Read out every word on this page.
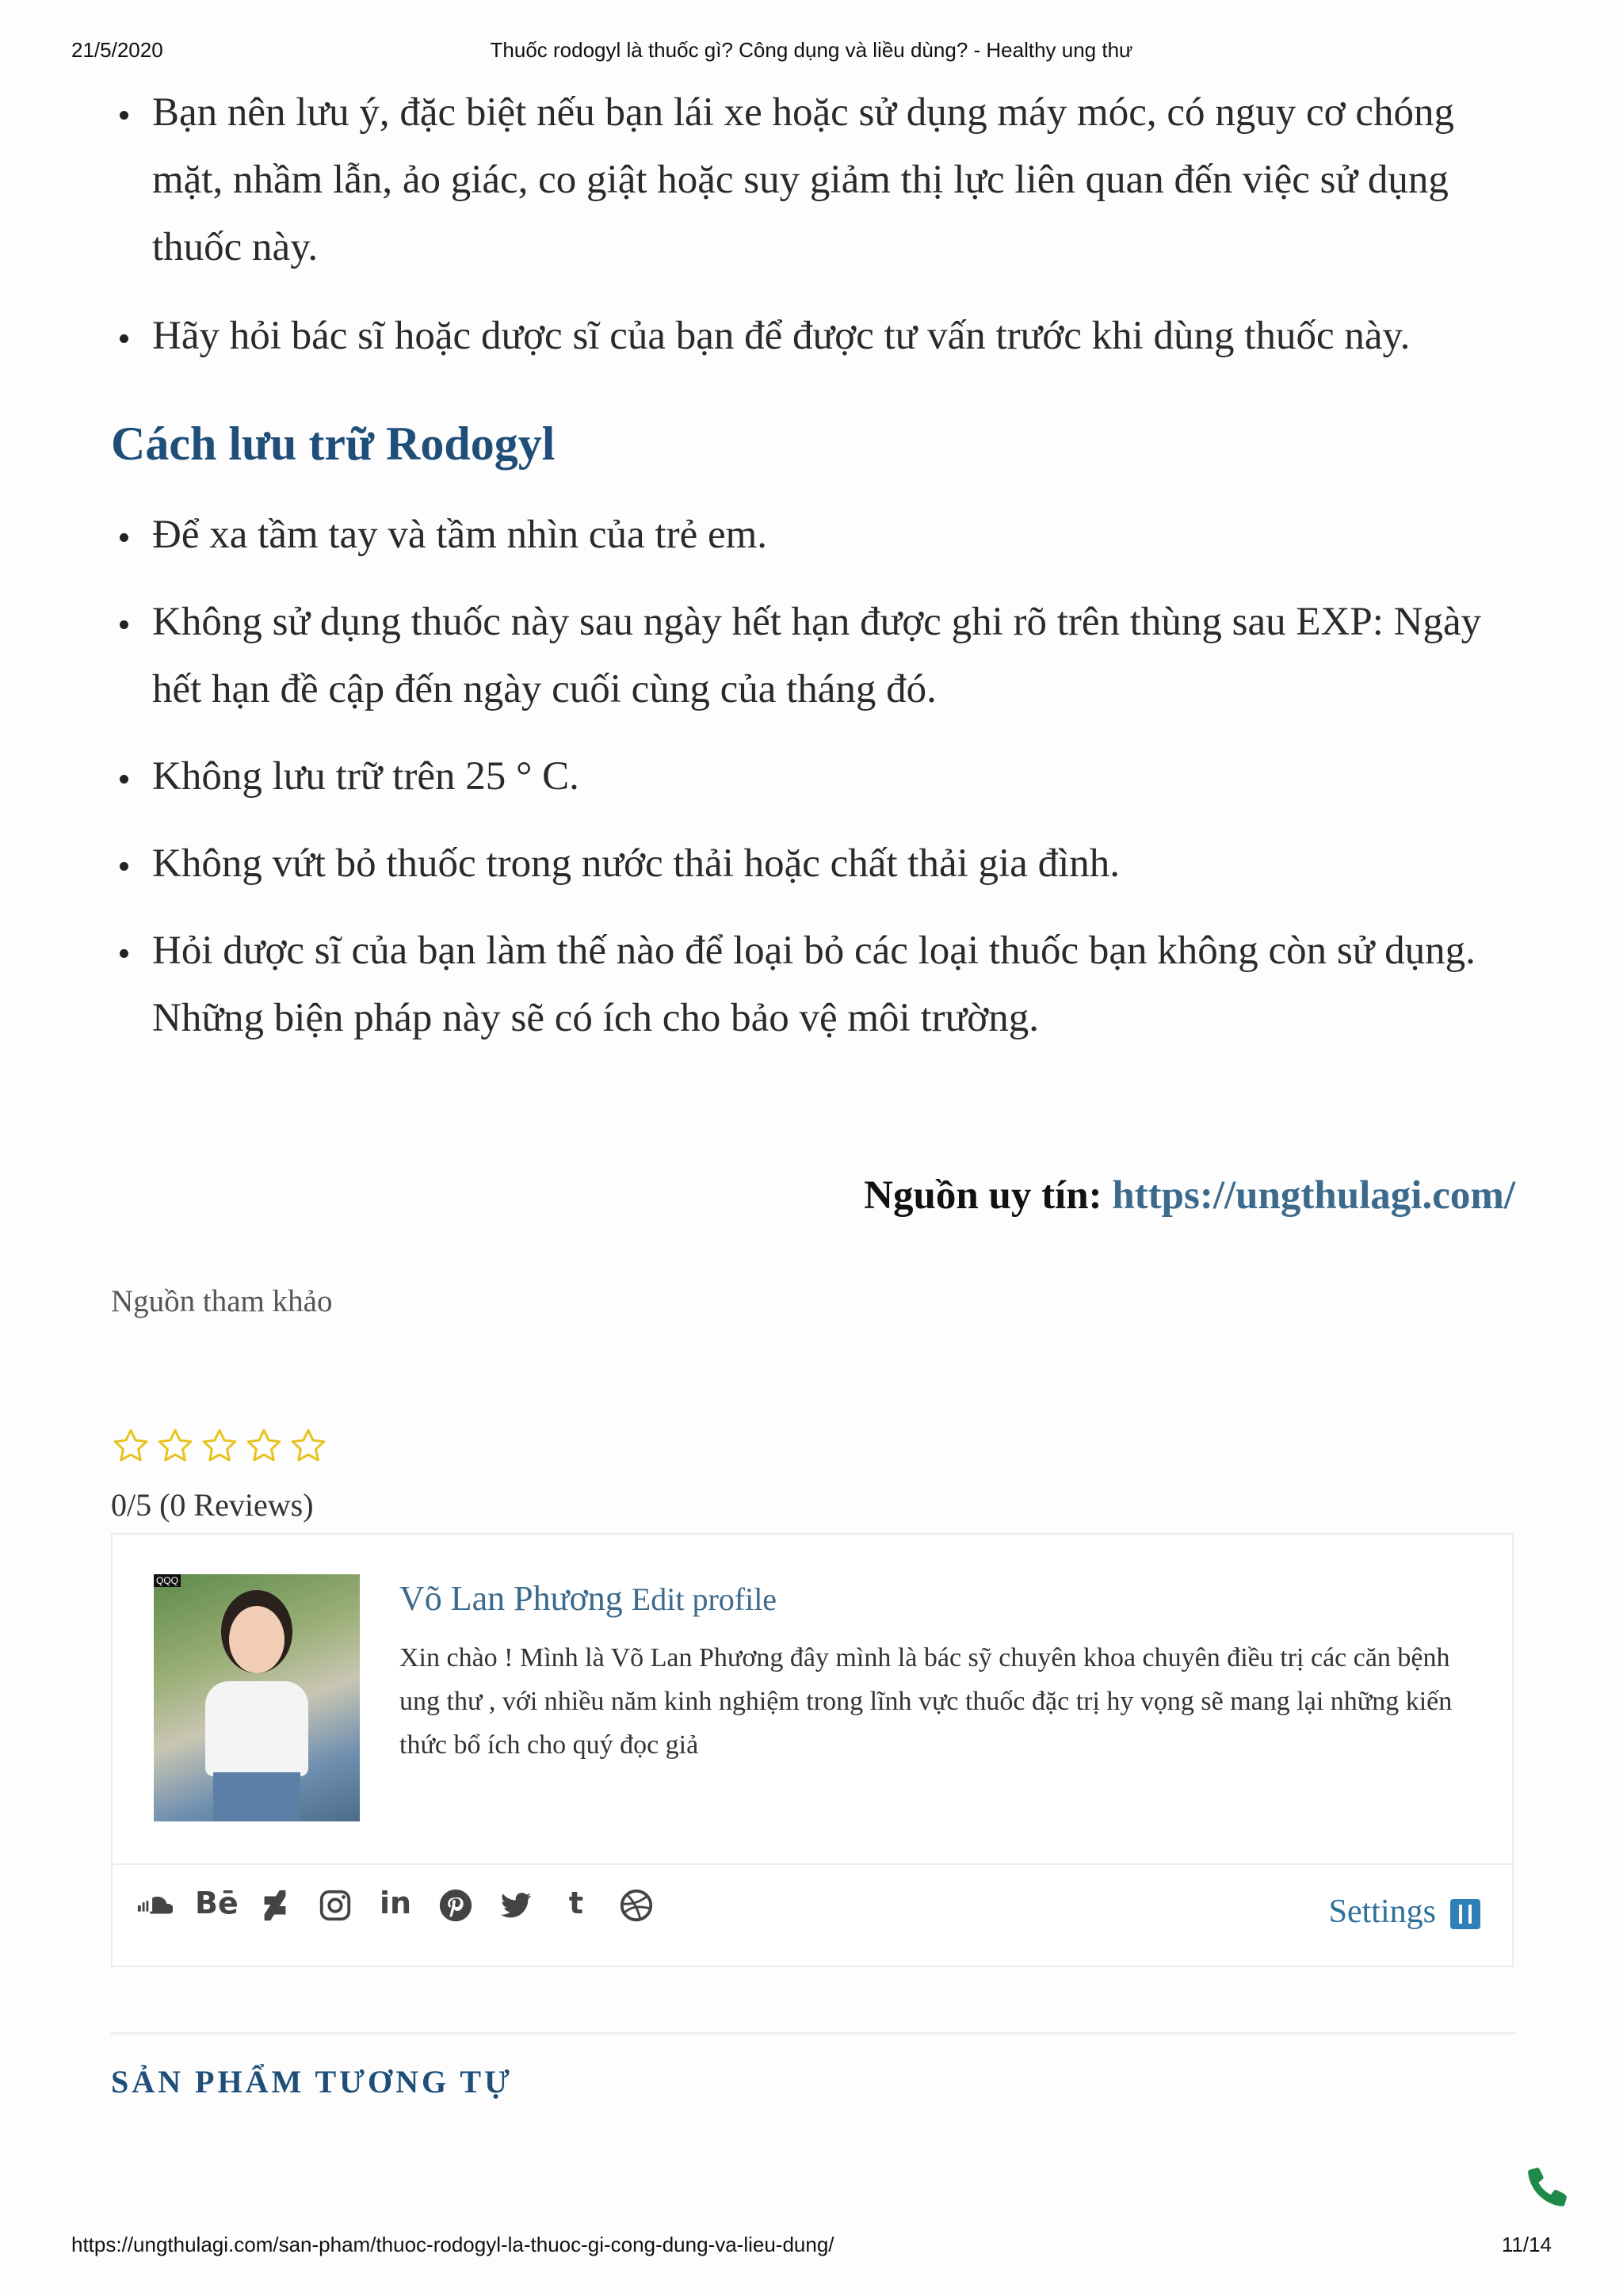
21/5/2020	Thuốc rodogyl là thuốc gì? Công dụng và liều dùng? - Healthy ung thư
Bạn nên lưu ý, đặc biệt nếu bạn lái xe hoặc sử dụng máy móc, có nguy cơ chóng mặt, nhầm lẫn, ảo giác, co giật hoặc suy giảm thị lực liên quan đến việc sử dụng thuốc này.
Hãy hỏi bác sĩ hoặc dược sĩ của bạn để được tư vấn trước khi dùng thuốc này.
Cách lưu trữ Rodogyl
Để xa tầm tay và tầm nhìn của trẻ em.
Không sử dụng thuốc này sau ngày hết hạn được ghi rõ trên thùng sau EXP: Ngày hết hạn đề cập đến ngày cuối cùng của tháng đó.
Không lưu trữ trên 25 ° C.
Không vứt bỏ thuốc trong nước thải hoặc chất thải gia đình.
Hỏi dược sĩ của bạn làm thế nào để loại bỏ các loại thuốc bạn không còn sử dụng. Những biện pháp này sẽ có ích cho bảo vệ môi trường.
Nguồn uy tín: https://ungthulagi.com/
Nguồn tham khảo

0/5 (0 Reviews)
QQQ	Võ Lan Phương Edit profile
Xin chào ! Mình là Võ Lan Phương đây mình là bác sỹ chuyên khoa chuyên điều trị các căn bệnh ung thư , với nhiều năm kinh nghiệm trong lĩnh vực thuốc đặc trị hy vọng sẽ mang lại những kiến thức bổ ích cho quý đọc giả
Bē	in	t	Settings
SẢN PHẨM TƯƠNG TỰ
https://ungthulagi.com/san-pham/thuoc-rodogyl-la-thuoc-gi-cong-dung-va-lieu-dung/	11/14
